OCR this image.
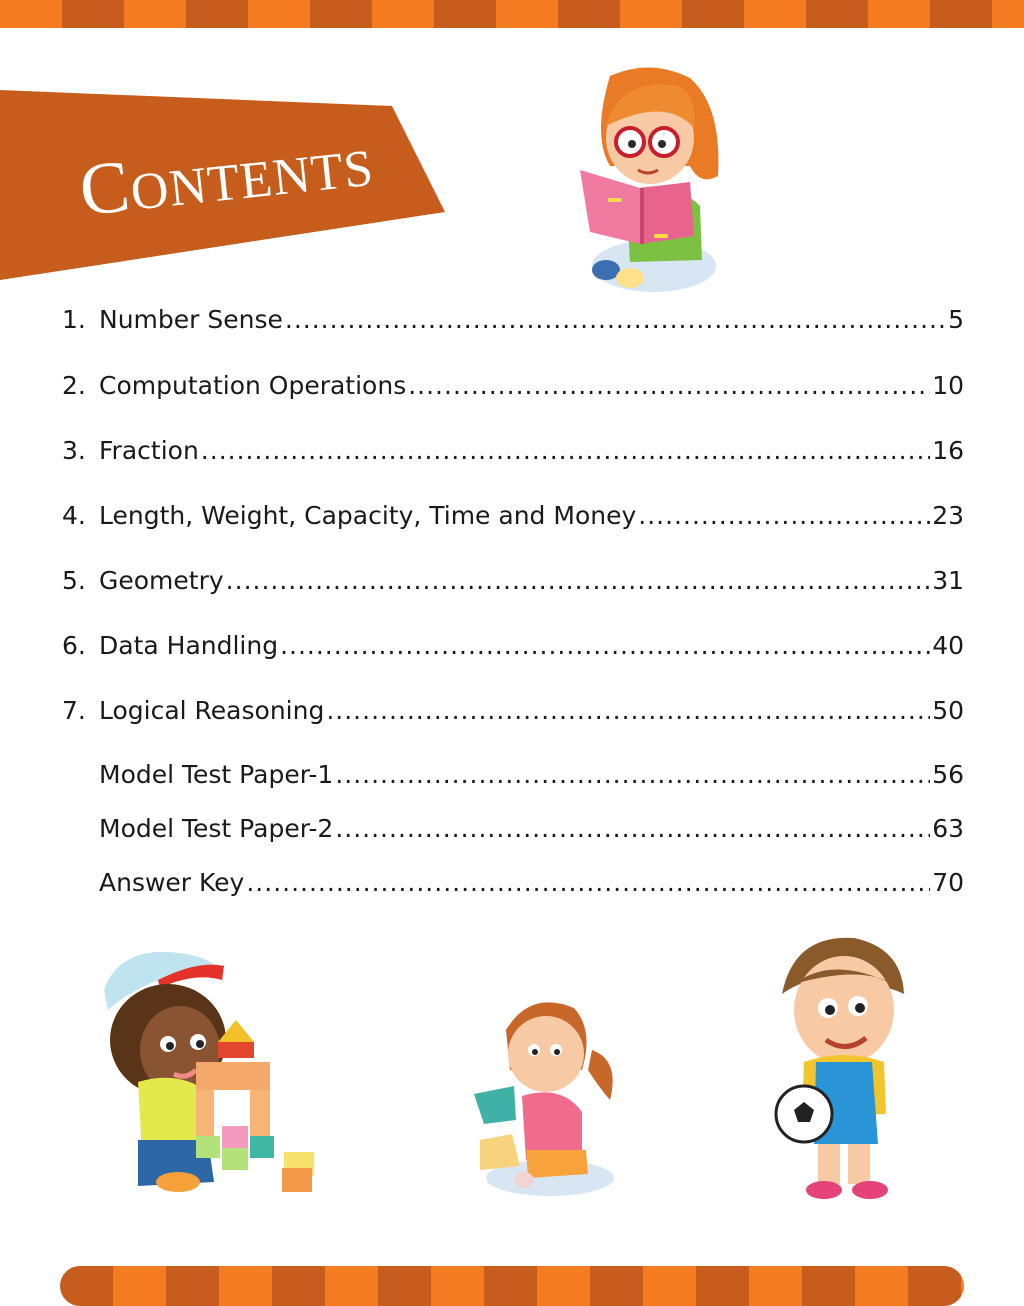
Contents
1. Number Sense .....	5
2. Computation Operations .....	10
3. Fraction .....	16
4. Length, Weight, Capacity, Time and Money .....	23
5. Geometry .....	31
6. Data Handling .....	40
7. Logical Reasoning .....	50
Model Test Paper-1 .....	56
Model Test Paper-2 .....	63
Answer Key .....	70
